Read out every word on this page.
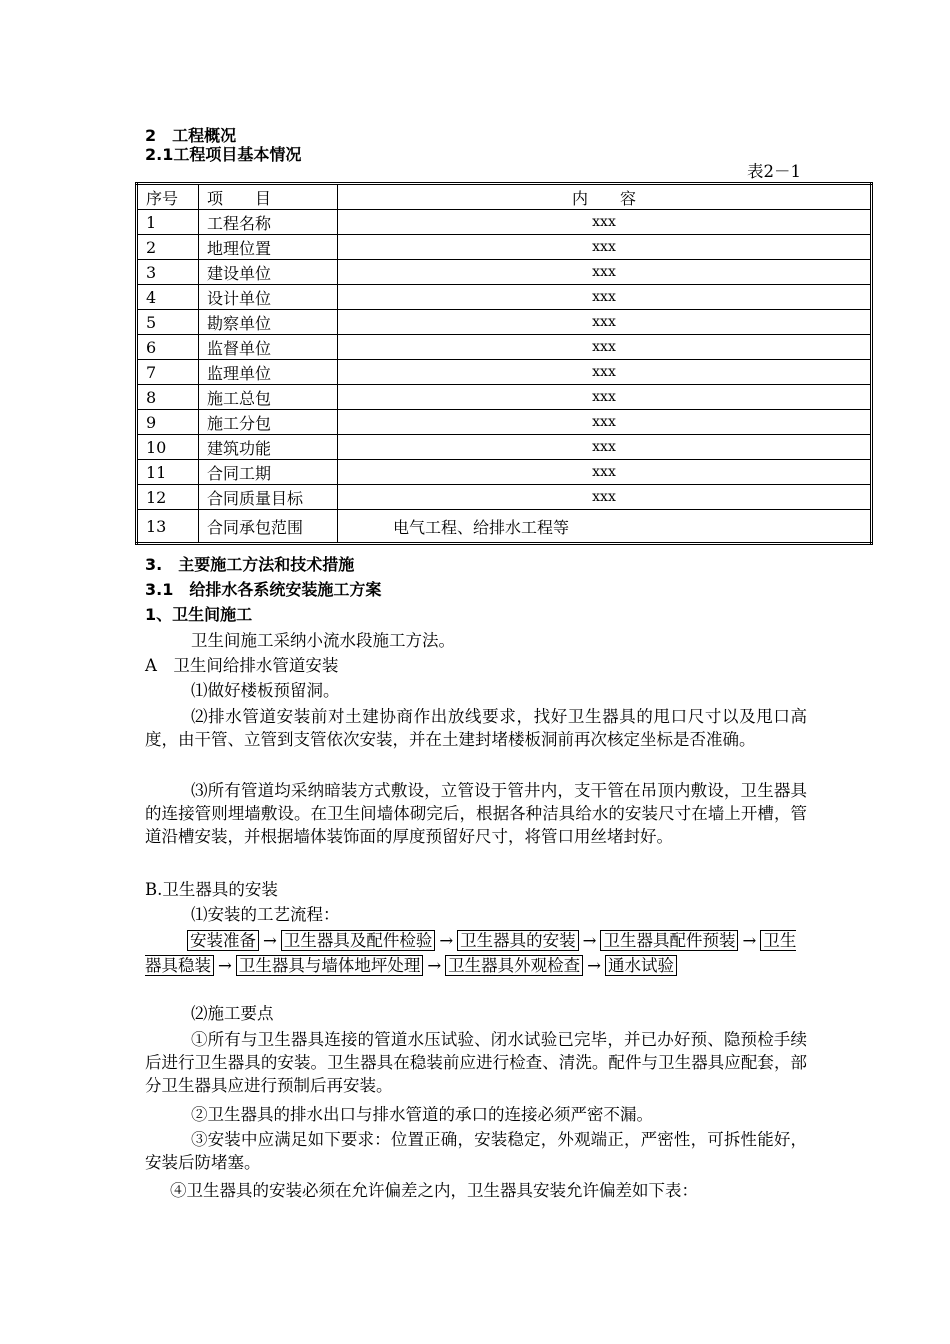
2　工程概况
2.1工程项目基本情况
表2－1
序号	项　　目	内　　容
1	工程名称	xxx
2	地理位置	xxx
3	建设单位	xxx
4	设计单位	xxx
5	勘察单位	xxx
6	监督单位	xxx
7	监理单位	xxx
8	施工总包	xxx
9	施工分包	xxx
10	建筑功能	xxx
11	合同工期	xxx
12	合同质量目标	xxx
13	合同承包范围	电气工程、给排水工程等
3.　主要施工方法和技术措施
3.1　给排水各系统安装施工方案
1、卫生间施工
卫生间施工采纳小流水段施工方法。
A　卫生间给排水管道安装
⑴做好楼板预留洞。
⑵排水管道安装前对土建协商作出放线要求，找好卫生器具的甩口尺寸以及甩口高度，由干管、立管到支管依次安装，并在土建封堵楼板洞前再次核定坐标是否准确。
⑶所有管道均采纳暗装方式敷设，立管设于管井内，支干管在吊顶内敷设，卫生器具的连接管则埋墙敷设。在卫生间墙体砌完后，根据各种洁具给水的安装尺寸在墙上开槽，管道沿槽安装，并根据墙体装饰面的厚度预留好尺寸，将管口用丝堵封好。
B.卫生器具的安装
⑴安装的工艺流程：
安装准备 → 卫生器具及配件检验 → 卫生器具的安装 → 卫生器具配件预装 → 卫生器具稳装 → 卫生器具与墙体地坪处理 → 卫生器具外观检查 → 通水试验
⑵施工要点
①所有与卫生器具连接的管道水压试验、闭水试验已完毕，并已办好预、隐预检手续后进行卫生器具的安装。卫生器具在稳装前应进行检查、清洗。配件与卫生器具应配套，部分卫生器具应进行预制后再安装。
②卫生器具的排水出口与排水管道的承口的连接必须严密不漏。
③安装中应满足如下要求：位置正确，安装稳定，外观端正，严密性，可拆性能好，安装后防堵塞。
④卫生器具的安装必须在允许偏差之内，卫生器具安装允许偏差如下表：
